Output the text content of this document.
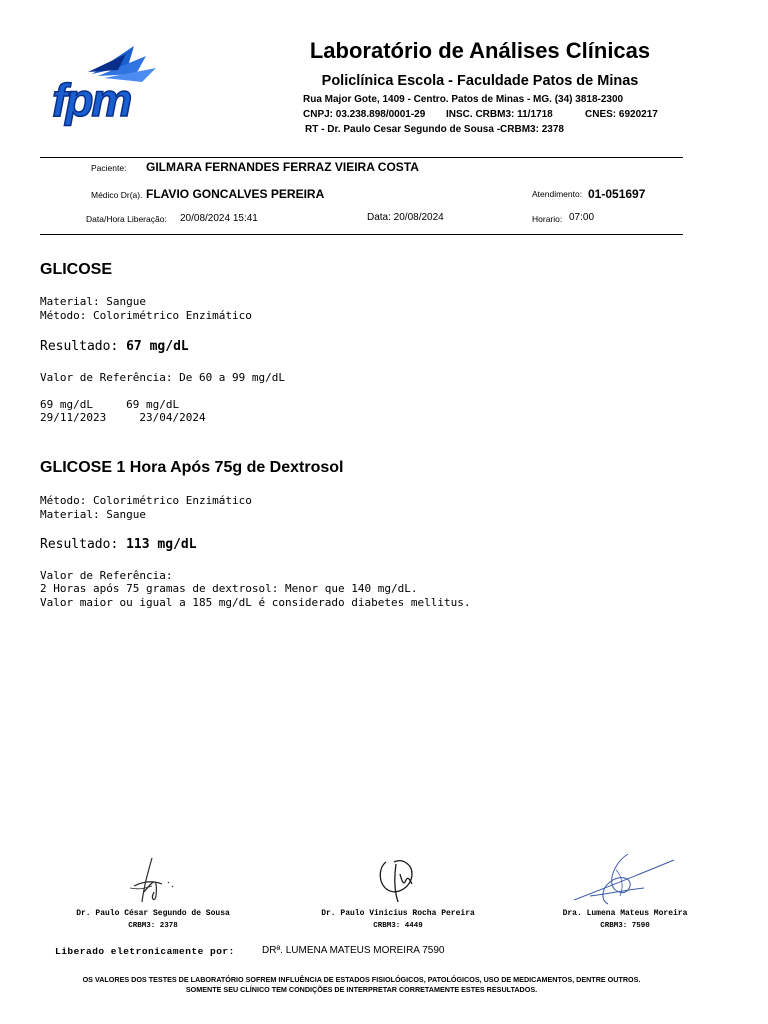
fpm
Laboratório de Análises Clínicas
Policlínica Escola - Faculdade Patos de Minas
Rua Major Gote, 1409 - Centro. Patos de Minas - MG. (34) 3818-2300
CNPJ: 03.238.898/0001-29 INSC. CRBM3: 11/1718	CNES: 6920217
RT - Dr. Paulo Cesar Segundo de Sousa -CRBM3: 2378
Paciente: GILMARA FERNANDES FERRAZ VIEIRA COSTA
Médico Dr(a). FLAVIO GONCALVES PEREIRA	Atendimento: 01-051697
Data/Hora Liberação: 20/08/2024 15:41	Data: 20/08/2024	Horario: 07:00
GLICOSE
Material: Sangue
Método: Colorimétrico Enzimático
Resultado: 67 mg/dL
Valor de Referência: De 60 a 99 mg/dL
69 mg/dL     69 mg/dL
29/11/2023     23/04/2024
GLICOSE 1 Hora Após 75g de Dextrosol
Método: Colorimétrico Enzimático
Material: Sangue
Resultado: 113 mg/dL
Valor de Referência:
2 Horas após 75 gramas de dextrosol: Menor que 140 mg/dL.
Valor maior ou igual a 185 mg/dL é considerado diabetes mellitus.
Dr. Paulo César Segundo de Sousa
CRBM3: 2378
Dr. Paulo Vinicius Rocha Pereira
CRBM3: 4449
Dra. Lumena Mateus Moreira
CRBM3: 7590
Liberado eletronicamente por:	DRª. LUMENA MATEUS MOREIRA 7590
OS VALORES DOS TESTES DE LABORATÓRIO SOFREM INFLUÊNCIA DE ESTADOS FISIOLÓGICOS, PATOLÓGICOS, USO DE MEDICAMENTOS, DENTRE OUTROS.
SOMENTE SEU CLÍNICO TEM CONDIÇÕES DE INTERPRETAR CORRETAMENTE ESTES RESULTADOS.
